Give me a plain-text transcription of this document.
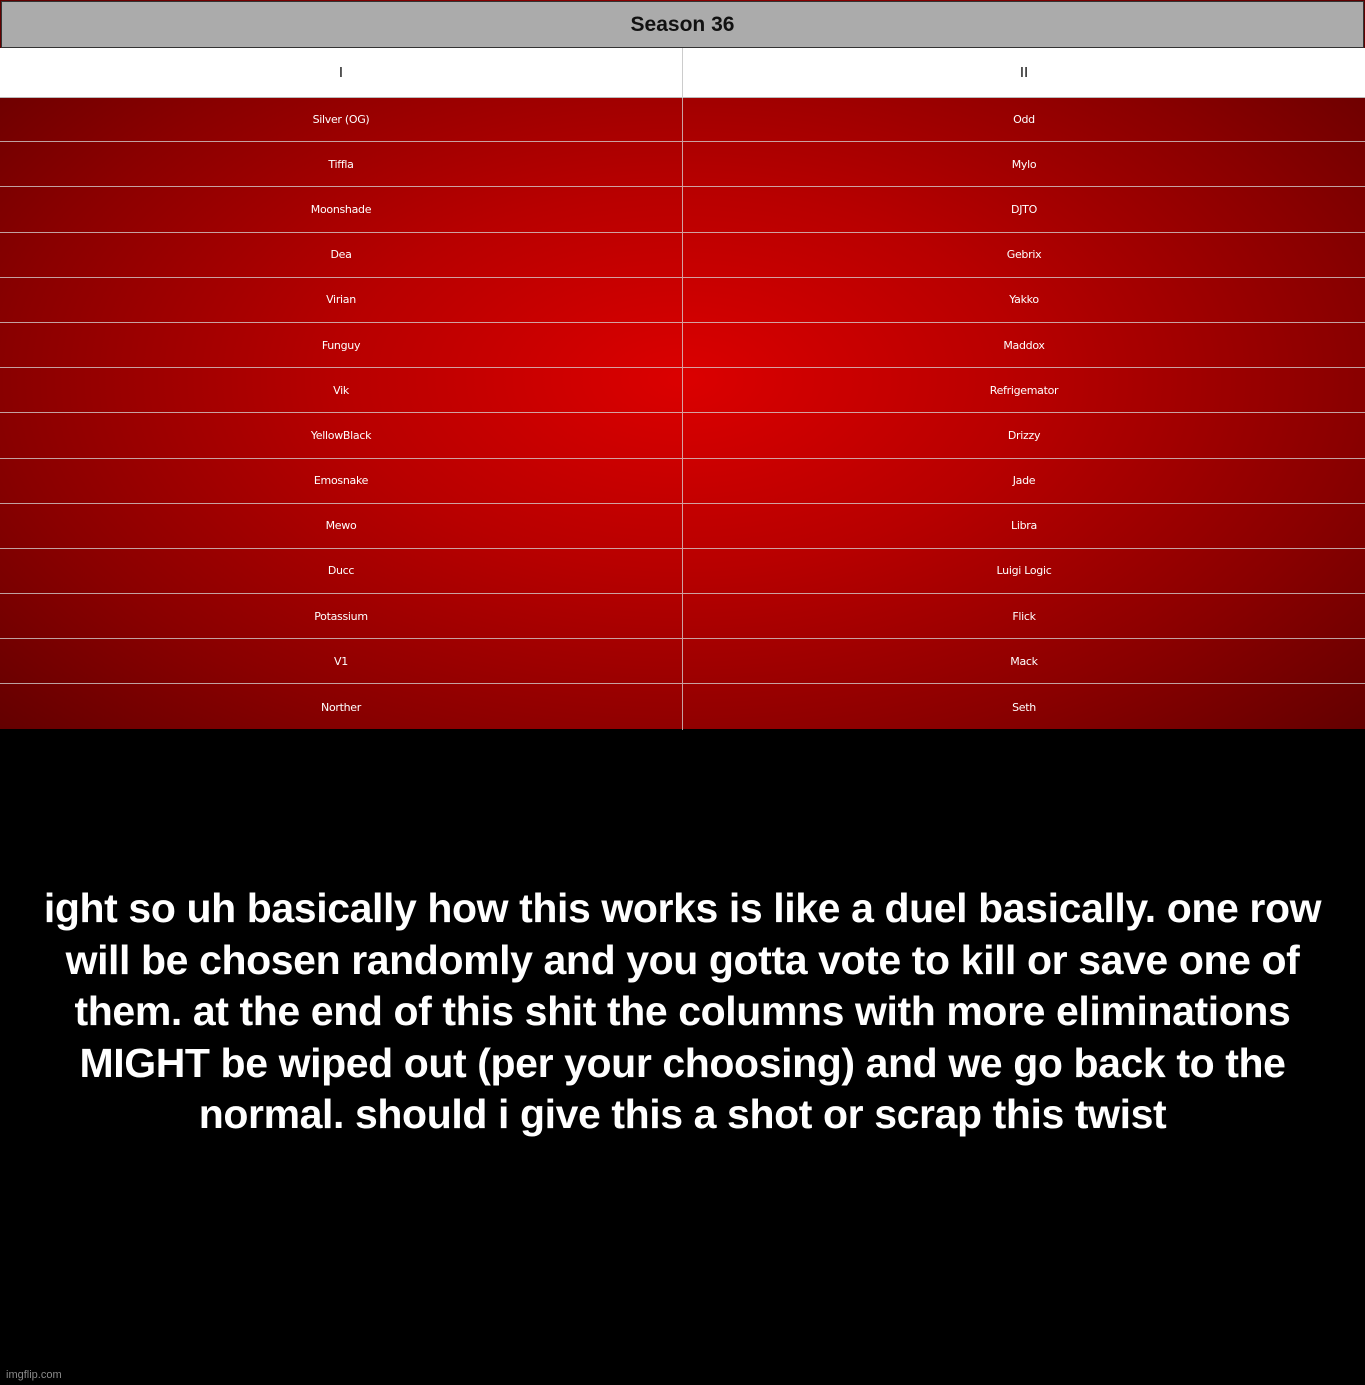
Season 36
I	II
Silver (OG)	Odd
Tiffla	Mylo
Moonshade	DJTO
Dea	Gebrix
Virian	Yakko
Funguy	Maddox
Vik	Refrigemator
YellowBlack	Drizzy
Emosnake	Jade
Mewo	Libra
Ducc	Luigi Logic
Potassium	Flick
V1	Mack
Norther	Seth
ight so uh basically how this works is like a duel basically. one row will be chosen randomly and you gotta vote to kill or save one of them. at the end of this shit the columns with more eliminations MIGHT be wiped out (per your choosing) and we go back to the normal. should i give this a shot or scrap this twist
imgflip.com
